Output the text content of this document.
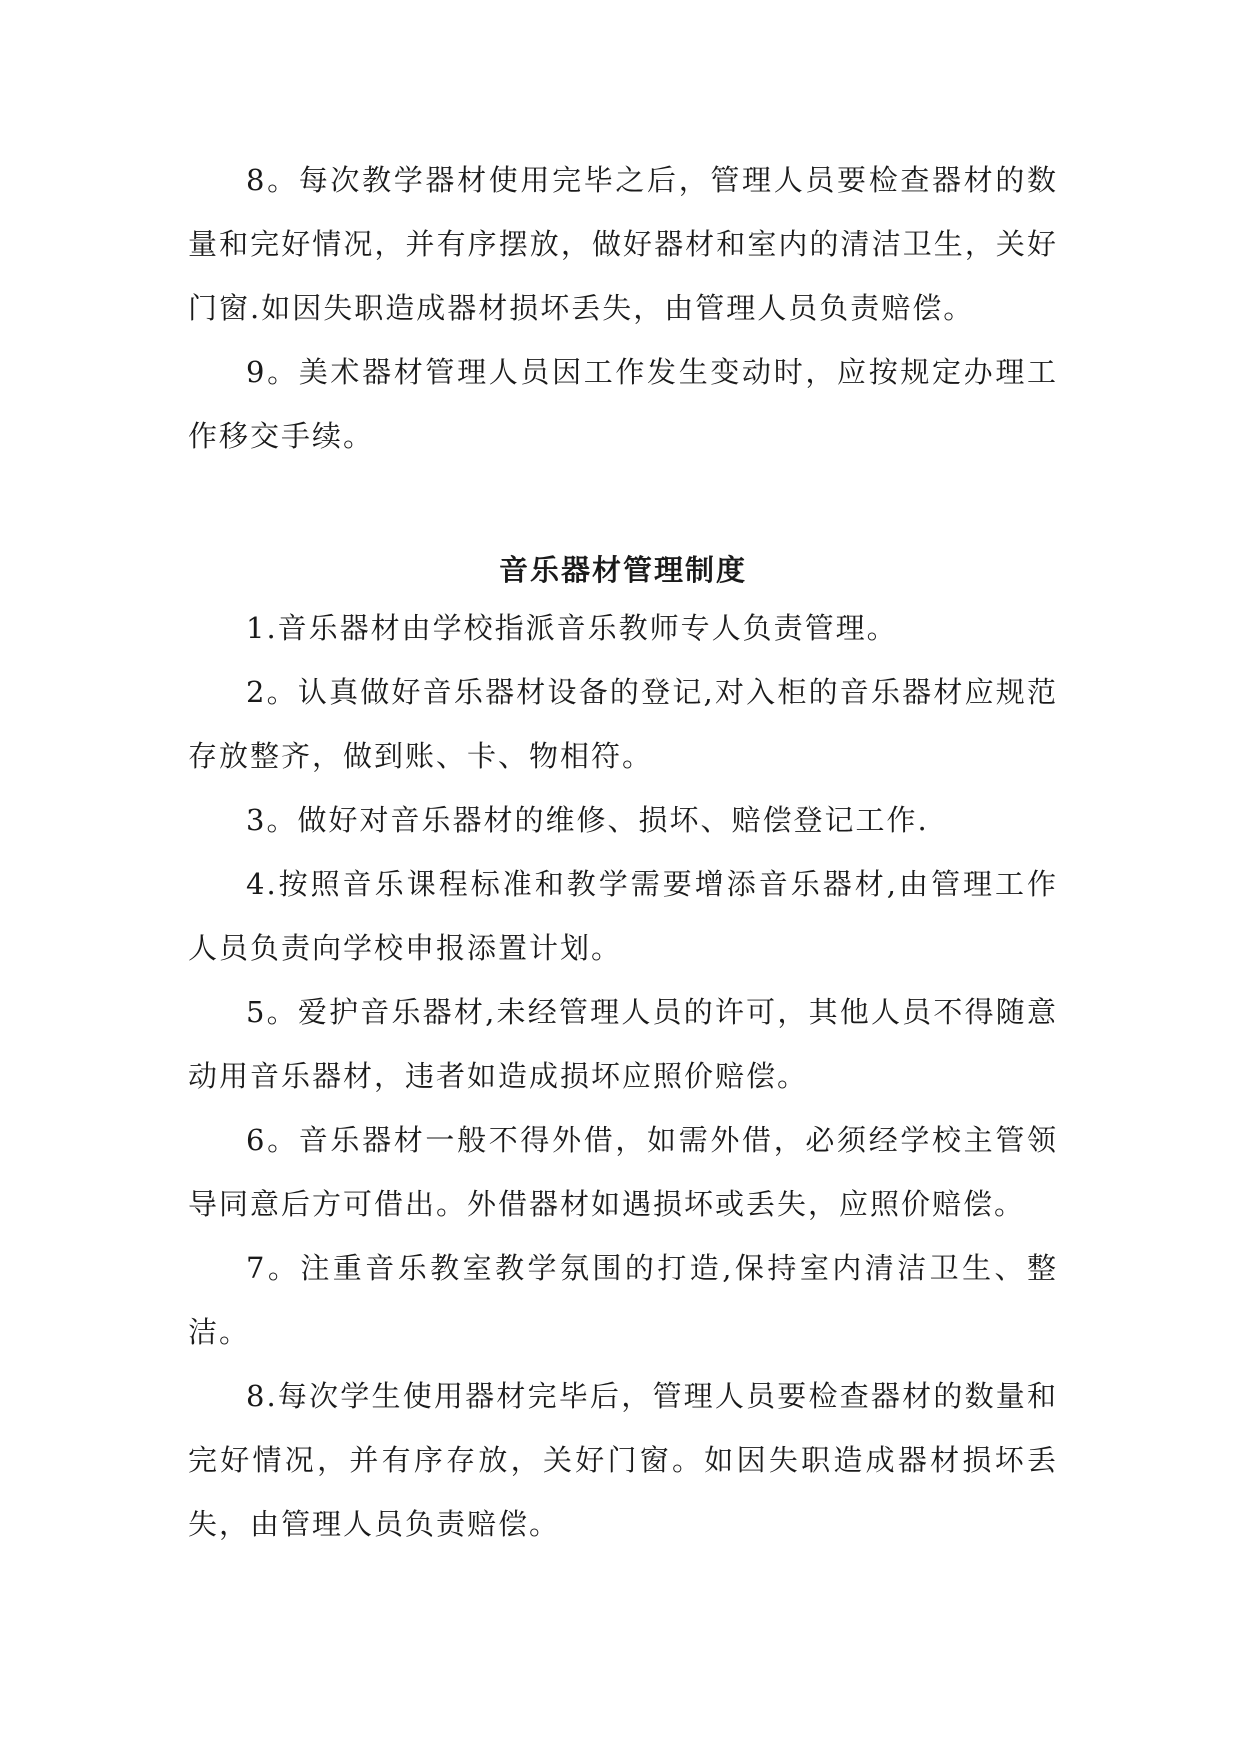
8。每次教学器材使用完毕之后，管理人员要检查器材的数量和完好情况，并有序摆放，做好器材和室内的清洁卫生，关好门窗.如因失职造成器材损坏丢失，由管理人员负责赔偿。

9。美术器材管理人员因工作发生变动时，应按规定办理工作移交手续。

音乐器材管理制度

1.音乐器材由学校指派音乐教师专人负责管理。

2。认真做好音乐器材设备的登记,对入柜的音乐器材应规范存放整齐，做到账、卡、物相符。

3。做好对音乐器材的维修、损坏、赔偿登记工作.

4.按照音乐课程标准和教学需要增添音乐器材,由管理工作人员负责向学校申报添置计划。

5。爱护音乐器材,未经管理人员的许可，其他人员不得随意动用音乐器材，违者如造成损坏应照价赔偿。

6。音乐器材一般不得外借，如需外借，必须经学校主管领导同意后方可借出。外借器材如遇损坏或丢失，应照价赔偿。

7。注重音乐教室教学氛围的打造,保持室内清洁卫生、整洁。

8.每次学生使用器材完毕后，管理人员要检查器材的数量和完好情况，并有序存放，关好门窗。如因失职造成器材损坏丢失，由管理人员负责赔偿。
